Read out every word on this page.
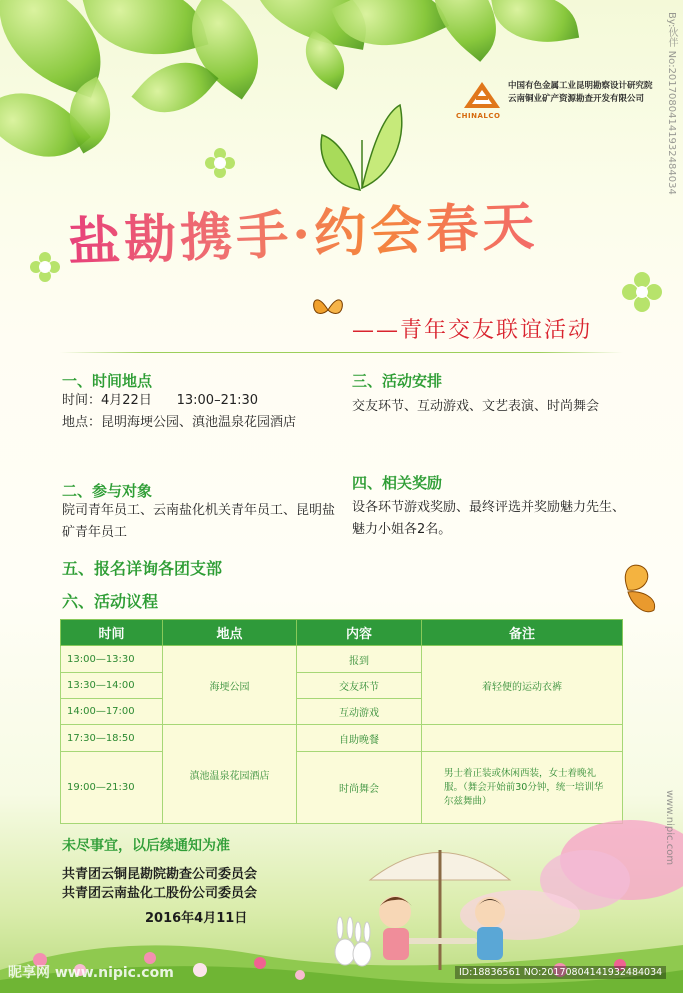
CHINALCO
中国有色金属工业昆明勘察设计研究院
云南铜业矿产资源勘查开发有限公司
盐勘携手·约会春天
——青年交友联谊活动
一、时间地点
时间：4月22日      13:00–21:30
地点：昆明海埂公园、滇池温泉花园酒店
二、参与对象
院司青年员工、云南盐化机关青年员工、昆明盐矿青年员工
三、活动安排
交友环节、互动游戏、文艺表演、时尚舞会
四、相关奖励
设各环节游戏奖励、最终评选并奖励魅力先生、魅力小姐各2名。
五、报名详询各团支部
六、活动议程
时间	地点	内容	备注
13:00—13:30	海埂公园	报到	着轻便的运动衣裤
13:30—14:00		交友环节	
14:00—17:00		互动游戏	
17:30—18:50	滇池温泉花园酒店	自助晚餐	
19:00—21:30		时尚舞会	男士着正装或休闲西装，女士着晚礼服。（舞会开始前30分钟，统一培训华尔兹舞曲）
未尽事宜，以后续通知为准
共青团云铜昆勘院勘查公司委员会
共青团云南盐化工股份公司委员会
2016年4月11日
昵享网 www.nipic.com	ID:18836561 NO:20170804141932484034
By:伙伴 No:20170804141932484034
www.nipic.com
